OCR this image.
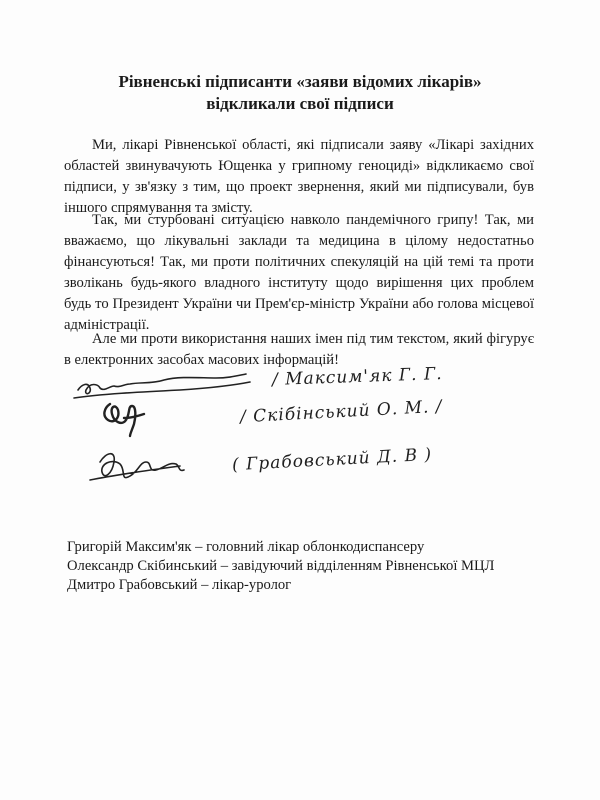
Рівненські підписанти «заяви відомих лікарів»
відкликали свої підписи

Ми, лікарі Рівненської області, які підписали заяву «Лікарі західних областей звинувачують Ющенка у грипному геноциді» відкликаємо свої підписи, у зв'язку з тим, що проект звернення, який ми підписували, був іншого спрямування та змісту.

Так, ми стурбовані ситуацією навколо пандемічного грипу! Так, ми вважаємо, що лікувальні заклади та медицина в цілому недостатньо фінансуються! Так, ми проти політичних спекуляцій на цій темі та проти зволікань будь-якого владного інституту щодо вирішення цих проблем будь то Президент України чи Прем'єр-міністр України або голова місцевої адміністрації.

Але ми проти використання наших імен під тим текстом, який фігурує в електронних засобах масових інформацій!

/ Максим'як Г. Г.
/ Скібінський О. М. /
( Грабовський Д. В )
Григорій Максим'як – головний лікар облонкодиспансеру
Олександр Скібинський – завідуючий відділенням Рівненської МЦЛ
Дмитро Грабовський – лікар-уролог
